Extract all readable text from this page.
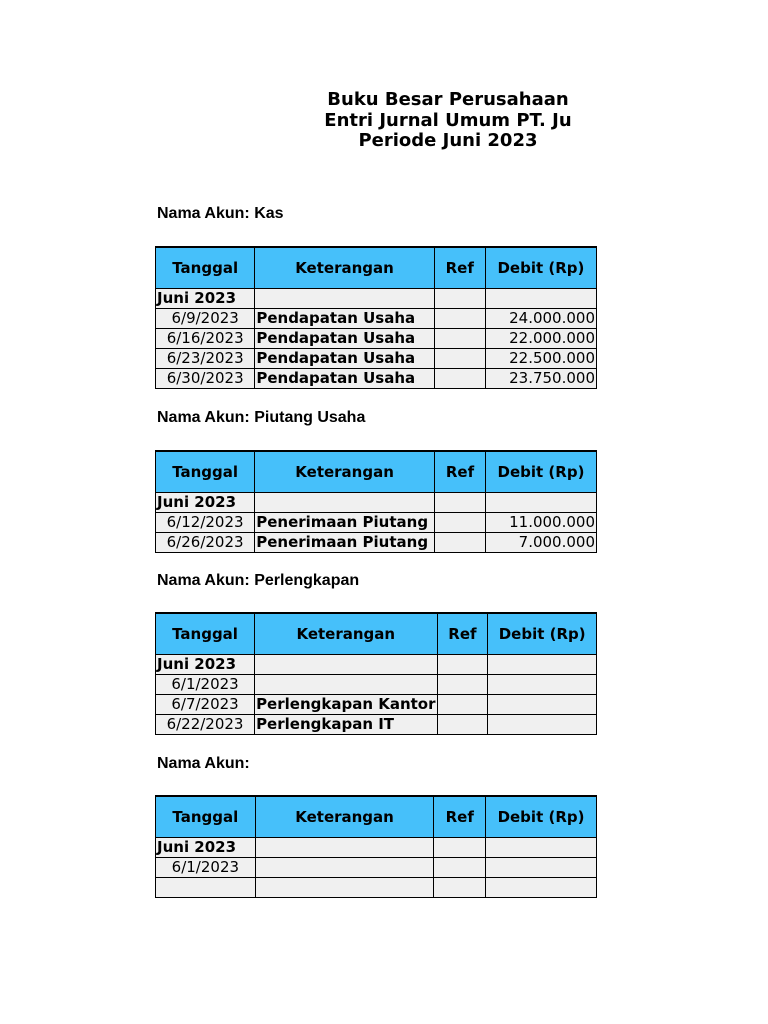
Buku Besar Perusahaan
Entri Jurnal Umum PT. Ju
Periode Juni 2023
Nama Akun: Kas
Tanggal	Keterangan	Ref	Debit (Rp)
Juni 2023			
6/9/2023	Pendapatan Usaha		24.000.000
6/16/2023	Pendapatan Usaha		22.000.000
6/23/2023	Pendapatan Usaha		22.500.000
6/30/2023	Pendapatan Usaha		23.750.000
Nama Akun: Piutang Usaha
Tanggal	Keterangan	Ref	Debit (Rp)
Juni 2023			
6/12/2023	Penerimaan Piutang		11.000.000
6/26/2023	Penerimaan Piutang		7.000.000
Nama Akun: Perlengkapan
Tanggal	Keterangan	Ref	Debit (Rp)
Juni 2023			
6/1/2023			
6/7/2023	Perlengkapan Kantor		
6/22/2023	Perlengkapan IT		
Nama Akun:
Tanggal	Keterangan	Ref	Debit (Rp)
Juni 2023			
6/1/2023			
